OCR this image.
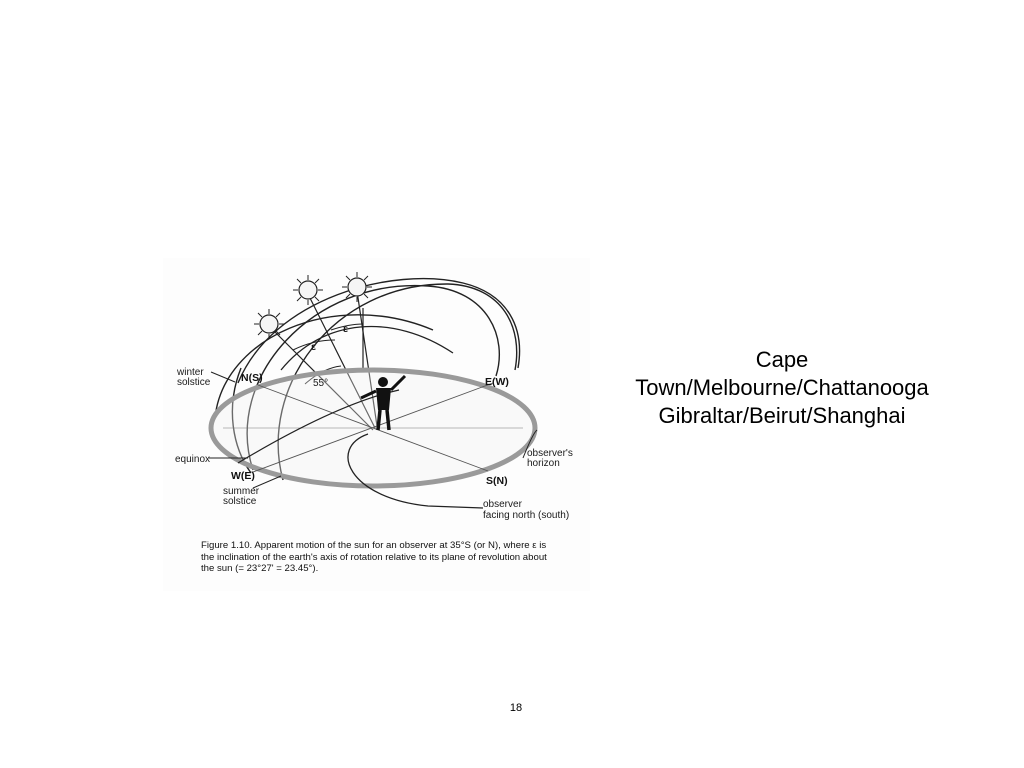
winter
solstice	N(S)	E(W)
55°
ε
ε
equinox
W(E)	S(N)
summer
solstice
observer's
horizon
observer
facing north (south)
Figure 1.10. Apparent motion of the sun for an observer at 35°S (or N), where ε is the inclination of the earth's axis of rotation relative to its plane of revolution about the sun (= 23°27' = 23.45°).
Cape
Town/Melbourne/Chattanooga
Gibraltar/Beirut/Shanghai
18
